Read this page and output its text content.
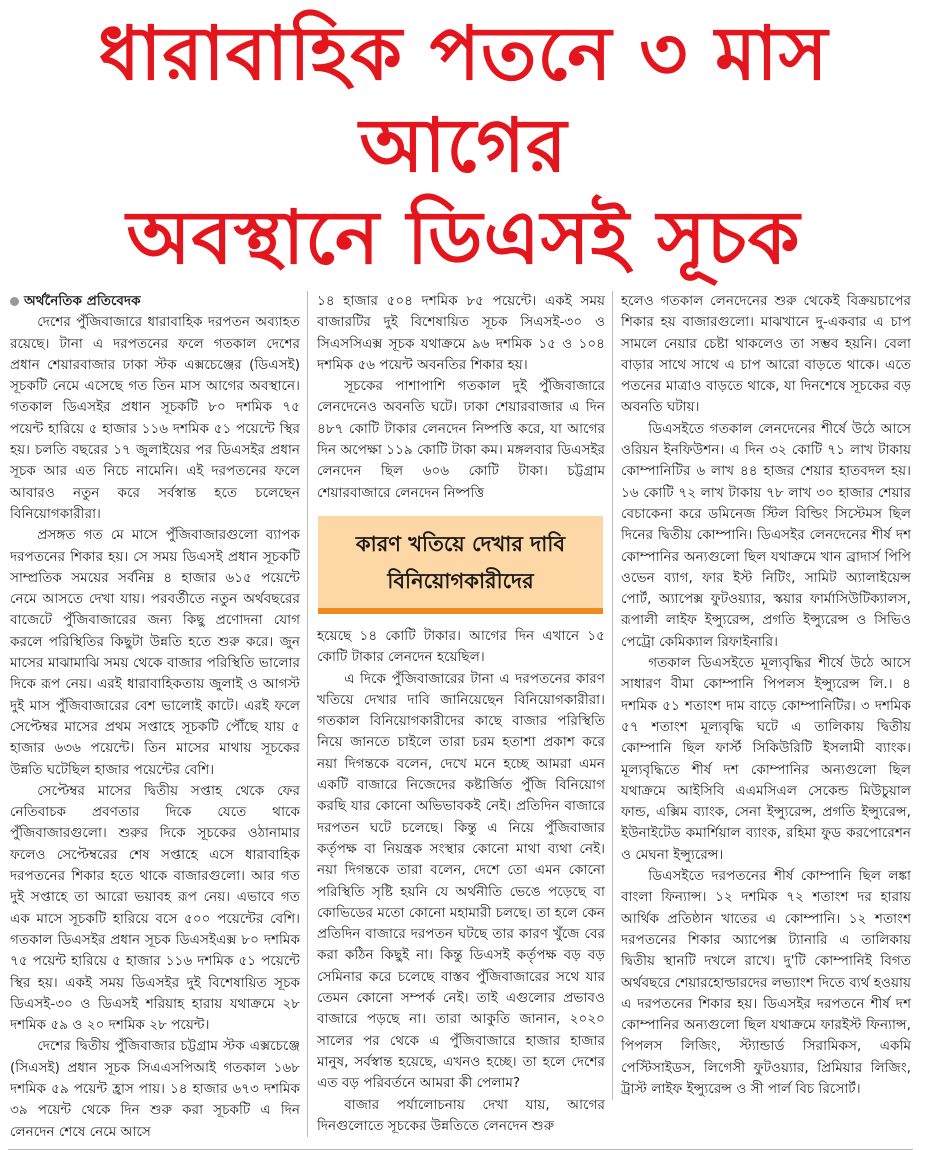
ধারাবাহিক পতনে ৩ মাস আগের
অবস্থানে ডিএসই সূচক
অর্থনৈতিক প্রতিবেদক

দেশের পুঁজিবাজারে ধারাবাহিক দরপতন অব্যাহত রয়েছে। টানা এ দরপতনের ফলে গতকাল দেশের প্রধান শেয়ারবাজার ঢাকা স্টক এক্সচেঞ্জের (ডিএসই) সূচকটি নেমে এসেছে গত তিন মাস আগের অবস্থানে। গতকাল ডিএসইর প্রধান সূচকটি ৮০ দশমিক ৭৫ পয়েন্ট হারিয়ে ৫ হাজার ১১৬ দশমিক ৫১ পয়েন্টে স্থির হয়। চলতি বছরের ১৭ জুলাইয়ের পর ডিএসইর প্রধান সূচক আর এত নিচে নামেনি। এই দরপতনের ফলে আবারও নতুন করে সর্বস্বান্ত হতে চলেছেন বিনিয়োগকারীরা।

প্রসঙ্গত গত মে মাসে পুঁজিবাজারগুলো ব্যাপক দরপতনের শিকার হয়। সে সময় ডিএসই প্রধান সূচকটি সাম্প্রতিক সময়ের সর্বনিম্ন ৪ হাজার ৬১৫ পয়েন্টে নেমে আসতে দেখা যায়। পরবর্তীতে নতুন অর্থবছরের বাজেটে পুঁজিবাজারের জন্য কিছু প্রণোদনা যোগ করলে পরিস্থিতির কিছুটা উন্নতি হতে শুরু করে। জুন মাসের মাঝামাঝি সময় থেকে বাজার পরিস্থিতি ভালোর দিকে রূপ নেয়। এরই ধারাবাহিকতায় জুলাই ও আগস্ট দুই মাস পুঁজিবাজারের বেশ ভালোই কাটে। এরই ফলে সেপ্টেম্বর মাসের প্রথম সপ্তাহে সূচকটি পৌঁছে যায় ৫ হাজার ৬৩৬ পয়েন্টে। তিন মাসের মাথায় সূচকের উন্নতি ঘটেছিল হাজার পয়েন্টের বেশি।

সেপ্টেম্বর মাসের দ্বিতীয় সপ্তাহ থেকে ফের নেতিবাচক প্রবণতার দিকে যেতে থাকে পুঁজিবাজারগুলো। শুরুর দিকে সূচকের ওঠানামার ফলেও সেপ্টেম্বরের শেষ সপ্তাহে এসে ধারাবাহিক দরপতনের শিকার হতে থাকে বাজারগুলো। আর গত দুই সপ্তাহে তা আরো ভয়াবহ রূপ নেয়। এভাবে গত এক মাসে সূচকটি হারিয়ে বসে ৫০০ পয়েন্টের বেশি। গতকাল ডিএসইর প্রধান সূচক ডিএসইএক্স ৮০ দশমিক ৭৫ পয়েন্ট হারিয়ে ৫ হাজার ১১৬ দশমিক ৫১ পয়েন্টে স্থির হয়। একই সময় ডিএসইর দুই বিশেষায়িত সূচক ডিএসই-৩০ ও ডিএসই শরিয়াহ হারায় যথাক্রমে ২৮ দশমিক ৫৯ ও ২০ দশমিক ২৮ পয়েন্ট।

দেশের দ্বিতীয় পুঁজিবাজার চট্টগ্রাম স্টক এক্সচেঞ্জে (সিএসই) প্রধান সূচক সিএএসপিআই গতকাল ১৬৮ দশমিক ৫৯ পয়েন্ট হ্রাস পায়। ১৪ হাজার ৬৭৩ দশমিক ৩৯ পয়েন্ট থেকে দিন শুরু করা সূচকটি এ দিন লেনদেন শেষে নেমে আসে

১৪ হাজার ৫০৪ দশমিক ৮৫ পয়েন্টে। একই সময় বাজারটির দুই বিশেষায়িত সূচক সিএসই-৩০ ও সিএসসিএক্স সূচক যথাক্রমে ৯৬ দশমিক ১৫ ও ১০৪ দশমিক ৫৬ পয়েন্ট অবনতির শিকার হয়।

সূচকের পাশাপাশি গতকাল দুই পুঁজিবাজারে লেনদেনেও অবনতি ঘটে। ঢাকা শেয়ারবাজার এ দিন ৪৮৭ কোটি টাকার লেনদেন নিষ্পত্তি করে, যা আগের দিন অপেক্ষা ১১৯ কোটি টাকা কম। মঙ্গলবার ডিএসইর লেনদেন ছিল ৬০৬ কোটি টাকা। চট্টগ্রাম শেয়ারবাজারে লেনদেন নিষ্পত্তি

কারণ খতিয়ে দেখার দাবি
বিনিয়োগকারীদের

হয়েছে ১৪ কোটি টাকার। আগের দিন এখানে ১৫ কোটি টাকার লেনদেন হয়েছিল।

এ দিকে পুঁজিবাজারের টানা এ দরপতনের কারণ খতিয়ে দেখার দাবি জানিয়েছেন বিনিয়োগকারীরা। গতকাল বিনিয়োগকারীদের কাছে বাজার পরিস্থিতি নিয়ে জানতে চাইলে তারা চরম হতাশা প্রকাশ করে নয়া দিগন্তকে বলেন, দেখে মনে হচ্ছে আমরা এমন একটি বাজারে নিজেদের কষ্টার্জিত পুঁজি বিনিয়োগ করছি যার কোনো অভিভাবকই নেই। প্রতিদিন বাজারে দরপতন ঘটে চলেছে। কিন্তু এ নিয়ে পুঁজিবাজার কর্তৃপক্ষ বা নিয়ন্ত্রক সংস্থার কোনো মাথা ব্যথা নেই। নয়া দিগন্তকে তারা বলেন, দেশে তো এমন কোনো পরিস্থিতি সৃষ্টি হয়নি যে অর্থনীতি ভেঙে পড়েছে বা কোভিডের মতো কোনো মহামারী চলছে। তা হলে কেন প্রতিদিন বাজারে দরপতন ঘটছে তার কারণ খুঁজে বের করা কঠিন কিছুই না। কিন্তু ডিএসই কর্তৃপক্ষ বড় বড় সেমিনার করে চলেছে বাস্তব পুঁজিবাজারের সথে যার তেমন কোনো সম্পর্ক নেই। তাই এগুলোর প্রভাবও বাজারে পড়ছে না। তারা আকুতি জানান, ২০২০ সালের পর থেকে এ পুঁজিবাজারে হাজার হাজার মানুষ, সর্বস্বান্ত হয়েছে, এখনও হচ্ছে। তা হলে দেশের এত বড় পরিবর্তনে আমরা কী পেলাম?

বাজার পর্যালোচনায় দেখা যায়, আগের দিনগুলোতে সূচকের উন্নতিতে লেনদেন শুরু

হলেও গতকাল লেনদেনের শুরু থেকেই বিক্রয়চাপের শিকার হয় বাজারগুলো। মাঝখানে দু-একবার এ চাপ সামলে নেয়ার চেষ্টা থাকলেও তা সম্ভব হয়নি। বেলা বাড়ার সাথে সাথে এ চাপ আরো বাড়তে থাকে। এতে পতনের মাত্রাও বাড়তে থাকে, যা দিনশেষে সূচকের বড় অবনতি ঘটায়।

ডিএসইতে গতকাল লেনদেনের শীর্ষে উঠে আসে ওরিয়ন ইনফিউশন। এ দিন ৩২ কোটি ৭১ লাখ টাকায় কোম্পানিটির ৬ লাখ ৪৪ হাজর শেয়ার হাতবদল হয়। ১৬ কোটি ৭২ লাখ টাকায় ৭৮ লাখ ৩০ হাজার শেয়ার বেচাকেনা করে ডমিনেজ স্টিল বিল্ডিং সিস্টেমস ছিল দিনের দ্বিতীয় কোম্পানি। ডিএসইর লেনদেনের শীর্ষ দশ কোম্পানির অন্যগুলো ছিল যথাক্রমে খান ব্রাদার্স পিপি ওভেন ব্যাগ, ফার ইস্ট নিটিং, সামিট অ্যালাইয়েন্স পোর্ট, অ্যাপেক্স ফুটওয়্যার, স্কয়ার ফার্মাসিউটিক্যালস, রূপালী লাইফ ইন্স্যুরেন্স, প্রগতি ইন্স্যুরেন্স ও সিভিও পেট্রো কেমিক্যাল রিফাইনারি।

গতকাল ডিএসইতে মূল্যবৃদ্ধির শীর্ষে উঠে আসে সাধারণ বীমা কোম্পানি পিপলস ইন্স্যুরেন্স লি.। ৪ দশমিক ৫১ শতাংশ দাম বাড়ে কোম্পানিটির। ৩ দশমিক ৫৭ শতাংশ মূল্যবৃদ্ধি ঘটে এ তালিকায় দ্বিতীয় কোম্পানি ছিল ফার্স্ট সিকিউরিটি ইসলামী ব্যাংক। মূল্যবৃদ্ধিতে শীর্ষ দশ কোম্পানির অন্যগুলো ছিল যথাক্রমে আইসিবি এএমসিএল সেকেন্ড মিউচুয়াল ফান্ড, এক্সিম ব্যাংক, সেনা ইন্স্যুরেন্স, প্রগতি ইন্স্যুরেন্স, ইউনাইটেড কমার্শিয়াল ব্যাংক, রহিমা ফুড করপোরেশন ও মেঘনা ইন্স্যুরেন্স।

ডিএসইতে দরপতনের শীর্ষ কোম্পানি ছিল লঙ্কা বাংলা ফিন্যান্স। ১২ দশমিক ৭২ শতাংশ দর হারায় আর্থিক প্রতিষ্ঠান খাতের এ কোম্পানি। ১২ শতাংশ দরপতনের শিকার অ্যাপেক্স ট্যানারি এ তালিকায় দ্বিতীয় স্থানটি দখলে রাখে। দু'টি কোম্পানিই বিগত অর্থবছরে শেয়ারহোল্ডারদের লভ্যাংশ দিতে ব্যর্থ হওয়ায় এ দরপতনের শিকার হয়। ডিএসইর দরপতনে শীর্ষ দশ কোম্পানির অন্যগুলো ছিল যথাক্রমে ফারইস্ট ফিন্যান্স, পিপলস লিজিং, স্ট্যান্ডার্ড সিরামিকস, একমি পেস্টিসাইডস, লিগেসী ফুটওয়্যার, প্রিমিয়ার লিজিং, ট্রাস্ট লাইফ ইন্স্যুরেন্স ও সী পার্ল বিচ রিসোর্ট।
